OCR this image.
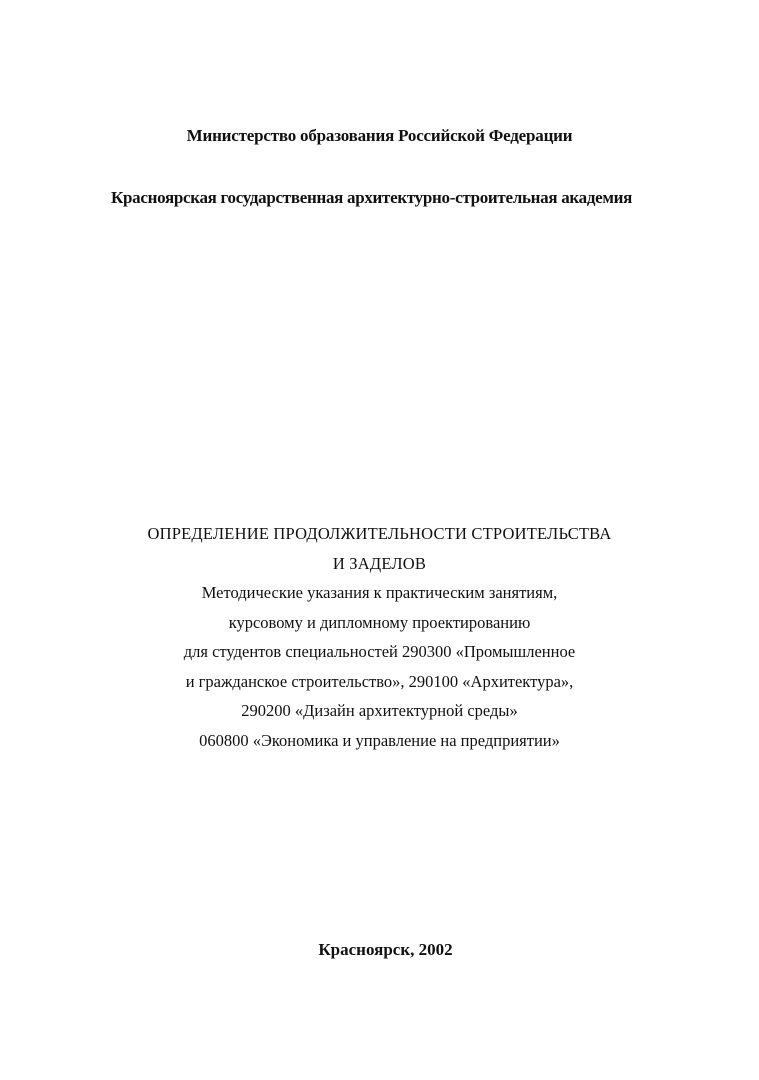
Министерство образования Российской Федерации
Красноярская государственная архитектурно-строительная академия
ОПРЕДЕЛЕНИЕ ПРОДОЛЖИТЕЛЬНОСТИ СТРОИТЕЛЬСТВА
И ЗАДЕЛОВ
Методические указания к практическим занятиям,
курсовому и дипломному проектированию
для студентов специальностей 290300 «Промышленное
и гражданское строительство», 290100 «Архитектура»,
290200 «Дизайн архитектурной среды»
060800 «Экономика и управление на предприятии»
Красноярск, 2002
